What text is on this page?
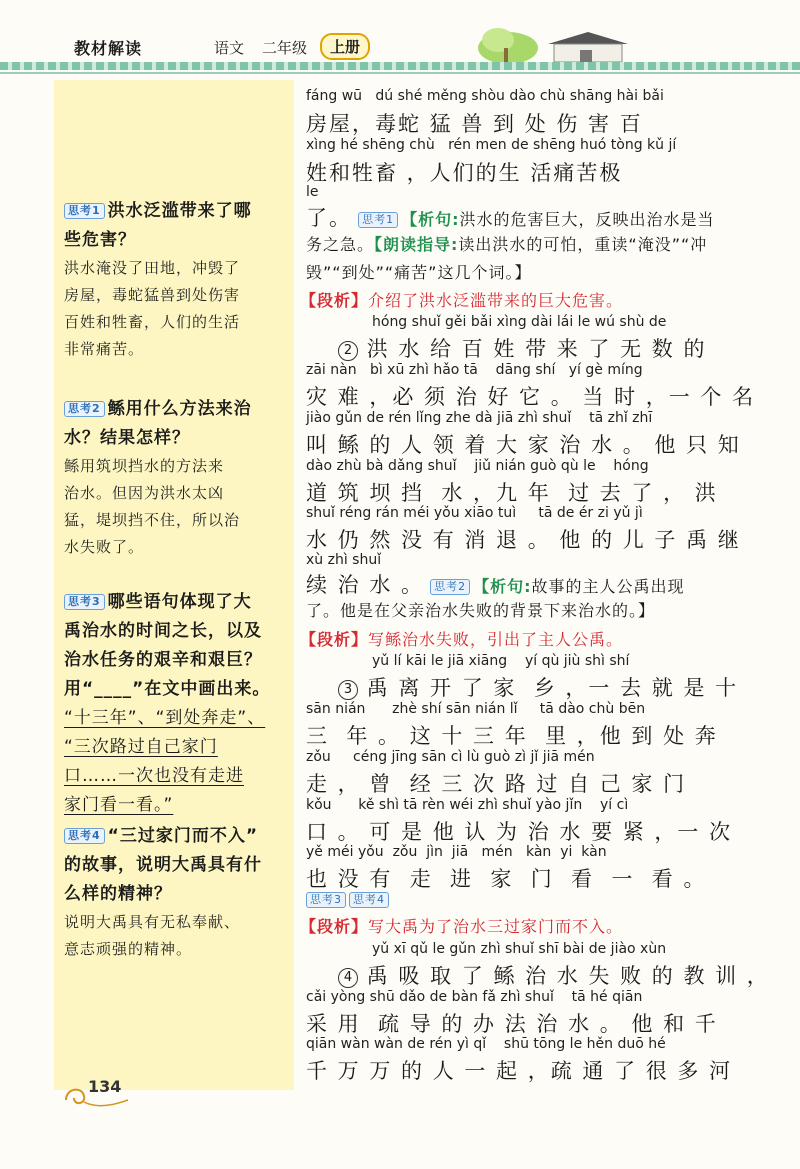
教材解读	语文 二年级	上册
思考1 洪水泛滥带来了哪
些危害？
洪水淹没了田地，冲毁了
房屋，毒蛇猛兽到处伤害
百姓和牲畜，人们的生活
非常痛苦。
思考2 鲧用什么方法来治
水？结果怎样？
鲧用筑坝挡水的方法来
治水。但因为洪水太凶
猛，堤坝挡不住，所以治
水失败了。
思考3 哪些语句体现了大
禹治水的时间之长，以及
治水任务的艰辛和艰巨？
用“____”在文中画出来。
“十三年”、“到处奔走”、
“三次路过自己家门
口……一次也没有走进
家门看一看。”
思考4 “三过家门而不入”
的故事，说明大禹具有什
么样的精神？
说明大禹具有无私奉献、
意志顽强的精神。
fáng wū   dú shé měng shòu dào chù shāng hài bǎi
房屋，毒蛇 猛 兽 到 处 伤 害 百
xìng hé shēng chù   rén men de shēng huó tòng kǔ jí
姓和牲畜 ，人们的生 活痛苦极
le
了。 思考1 【析句:洪水的危害巨大，反映出治水是当
务之急。【朗读指导:读出洪水的可怕，重读“淹没”“冲
毁”“到处”“痛苦”这几个词。】
【段析】介绍了洪水泛滥带来的巨大危害。
hóng shuǐ gěi bǎi xìng dài lái le wú shù de
2 洪 水 给 百 姓 带 来 了 无 数 的
zāi nàn   bì xū zhì hǎo tā    dāng shí   yí gè míng
灾 难 ，必 须 治 好 它 。 当 时 ，一 个 名
jiào gǔn de rén lǐng zhe dà jiā zhì shuǐ    tā zhǐ zhī
叫 鲧 的 人 领 着 大 家 治 水 。 他 只 知
dào zhù bà dǎng shuǐ    jiǔ nián guò qù le    hóng
道 筑 坝 挡  水 ，九 年  过 去 了 ， 洪
shuǐ réng rán méi yǒu xiāo tuì     tā de ér zi yǔ jì
水 仍 然 没 有 消 退 。 他 的 儿 子 禹 继
xù zhì shuǐ
续 治 水 。 思考2 【析句:故事的主人公禹出现
了。他是在父亲治水失败的背景下来治水的。】
【段析】写鲧治水失败，引出了主人公禹。
yǔ lí kāi le jiā xiāng    yí qù jiù shì shí
3 禹 离 开 了 家  乡 ，一 去 就 是 十
sān nián      zhè shí sān nián lǐ     tā dào chù bēn
三  年 。 这 十 三 年  里 ，他 到 处 奔
zǒu     céng jīng sān cì lù guò zì jǐ jiā mén
走 ， 曾  经 三 次 路 过 自 己 家 门
kǒu      kě shì tā rèn wéi zhì shuǐ yào jǐn    yí cì
口 。 可 是 他 认 为 治 水 要 紧 ，一 次
yě méi yǒu  zǒu  jìn  jiā   mén   kàn  yi  kàn
也 没 有  走  进  家  门  看  一  看 。
思考3 思考4
【段析】写大禹为了治水三过家门而不入。
yǔ xī qǔ le gǔn zhì shuǐ shī bài de jiào xùn
4 禹 吸 取 了 鲧 治 水 失 败 的 教 训 ，
cǎi yòng shū dǎo de bàn fǎ zhì shuǐ    tā hé qiān
采 用  疏 导 的 办 法 治 水 。 他 和 千
qiān wàn wàn de rén yì qǐ    shū tōng le hěn duō hé
千 万 万 的 人 一 起 ，疏 通 了 很 多 河
134
